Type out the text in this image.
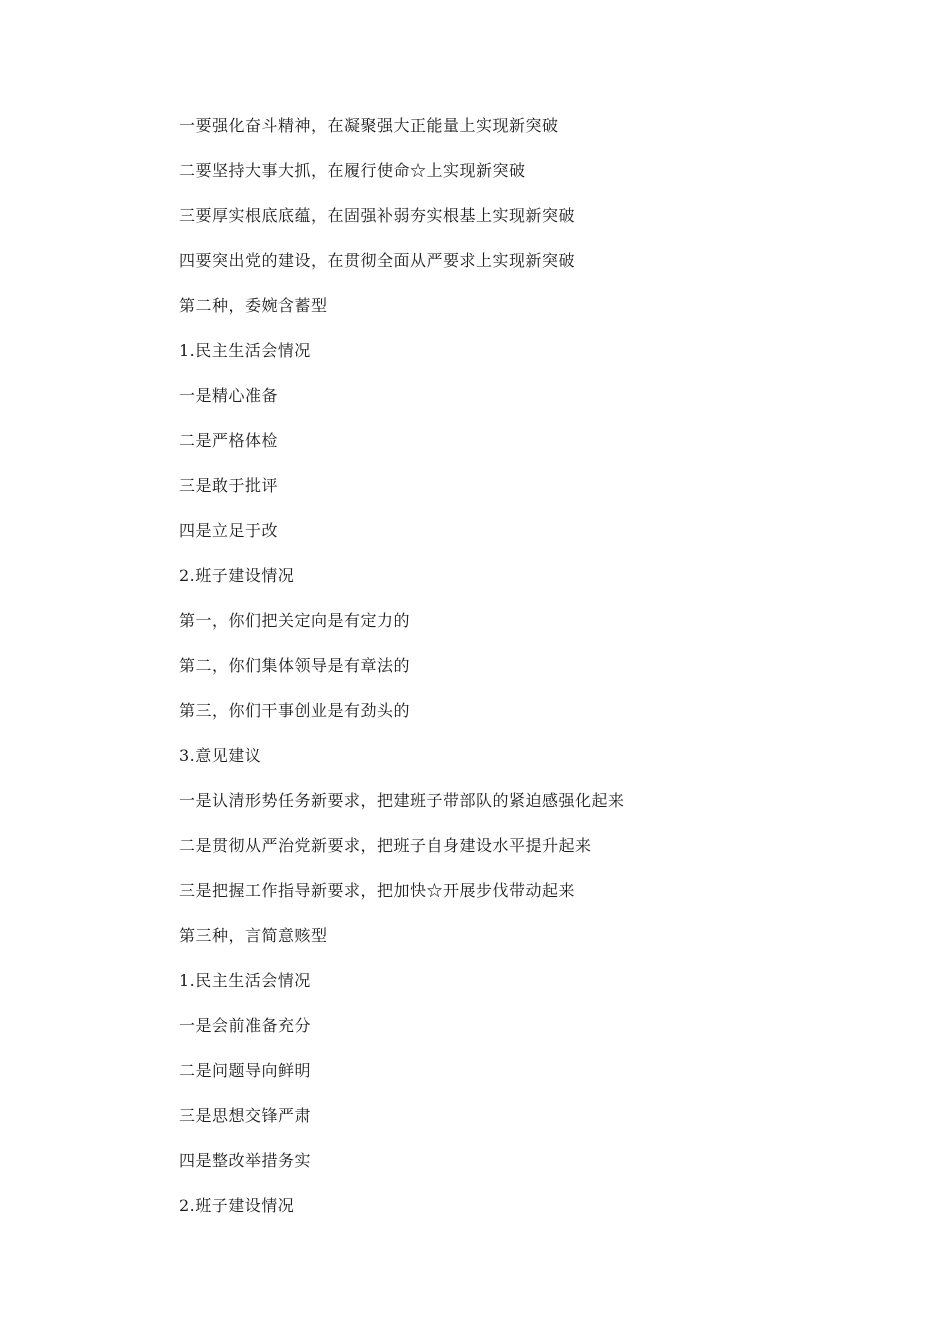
一要强化奋斗精神，在凝聚强大正能量上实现新突破
二要坚持大事大抓，在履行使命☆上实现新突破
三要厚实根底底蕴，在固强补弱夯实根基上实现新突破
四要突出党的建设，在贯彻全面从严要求上实现新突破
第二种，委婉含蓄型
1.民主生活会情况
一是精心准备
二是严格体检
三是敢于批评
四是立足于改
2.班子建设情况
第一，你们把关定向是有定力的
第二，你们集体领导是有章法的
第三，你们干事创业是有劲头的
3.意见建议
一是认清形势任务新要求，把建班子带部队的紧迫感强化起来
二是贯彻从严治党新要求，把班子自身建设水平提升起来
三是把握工作指导新要求，把加快☆开展步伐带动起来
第三种，言简意赅型
1.民主生活会情况
一是会前准备充分
二是问题导向鲜明
三是思想交锋严肃
四是整改举措务实
2.班子建设情况
